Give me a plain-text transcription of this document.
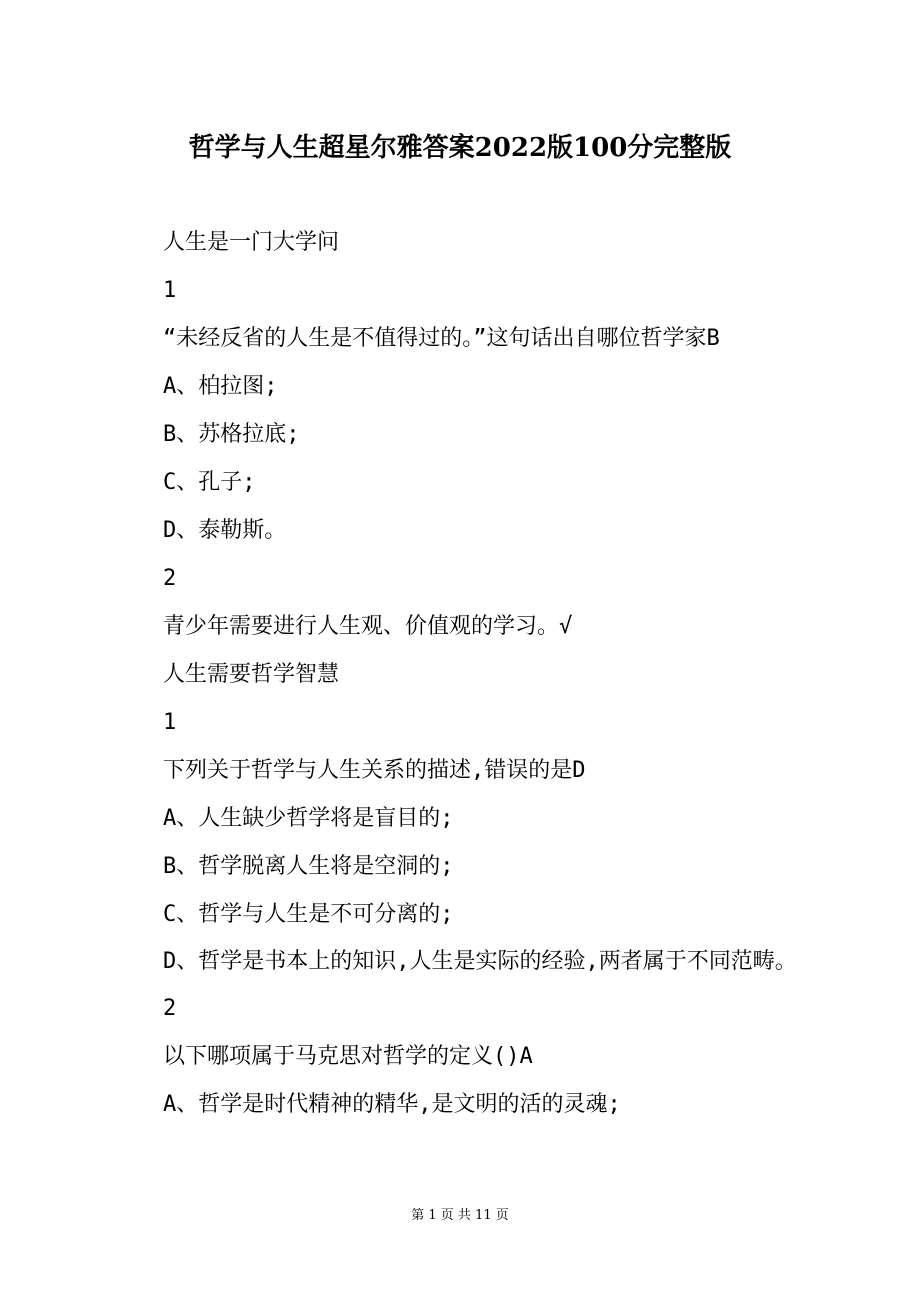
哲学与人生超星尔雅答案2022版100分完整版
人生是一门大学问
1
“未经反省的人生是不值得过的。”这句话出自哪位哲学家B
A、柏拉图;
B、苏格拉底;
C、孔子;
D、泰勒斯。
2
青少年需要进行人生观、价值观的学习。√
人生需要哲学智慧
1
下列关于哲学与人生关系的描述,错误的是D
A、人生缺少哲学将是盲目的;
B、哲学脱离人生将是空洞的;
C、哲学与人生是不可分离的;
D、哲学是书本上的知识,人生是实际的经验,两者属于不同范畴。
2
以下哪项属于马克思对哲学的定义()A
A、哲学是时代精神的精华,是文明的活的灵魂;
第 1 页 共 11 页
